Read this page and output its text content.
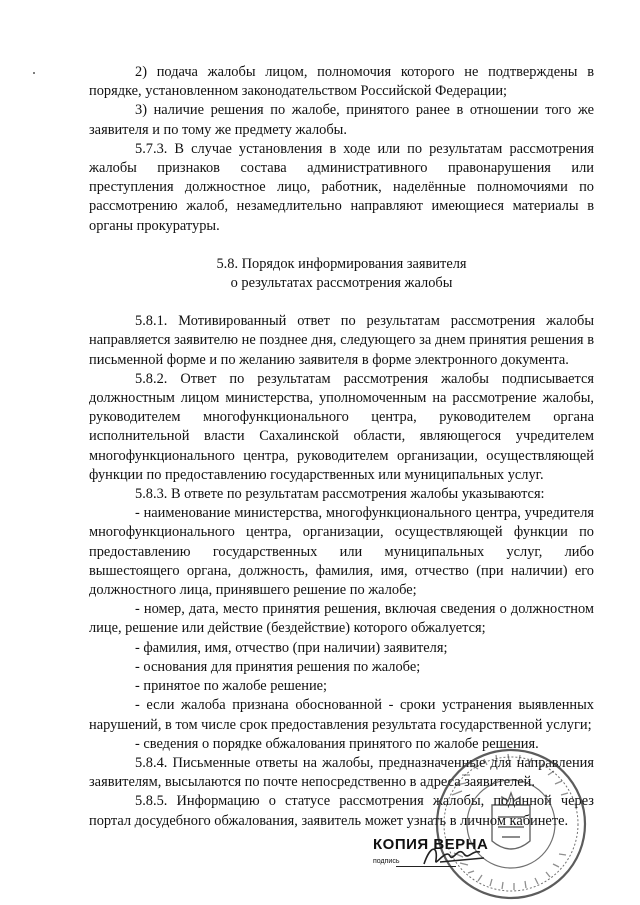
2) подача жалобы лицом, полномочия которого не подтверждены в порядке, установленном законодательством Российской Федерации;

3) наличие решения по жалобе, принятого ранее в отношении того же заявителя и по тому же предмету жалобы.

5.7.3. В случае установления в ходе или по результатам рассмотрения жалобы признаков состава административного правонарушения или преступления должностное лицо, работник, наделённые полномочиями по рассмотрению жалоб, незамедлительно направляют имеющиеся материалы в органы прокуратуры.

5.8. Порядок информирования заявителя

о результатах рассмотрения жалобы

5.8.1. Мотивированный ответ по результатам рассмотрения жалобы направляется заявителю не позднее дня, следующего за днем принятия решения в письменной форме и по желанию заявителя в форме электронного документа.

5.8.2. Ответ по результатам рассмотрения жалобы подписывается должностным лицом министерства, уполномоченным на рассмотрение жалобы, руководителем многофункционального центра, руководителем органа исполнительной власти Сахалинской области, являющегося учредителем многофункционального центра, руководителем организации, осуществляющей функции по предоставлению государственных или муниципальных услуг.

5.8.3. В ответе по результатам рассмотрения жалобы указываются:

- наименование министерства, многофункционального центра, учредителя многофункционального центра, организации, осуществляющей функции по предоставлению государственных или муниципальных услуг, либо вышестоящего органа, должность, фамилия, имя, отчество (при наличии) его должностного лица, принявшего решение по жалобе;

- номер, дата, место принятия решения, включая сведения о должностном лице, решение или действие (бездействие) которого обжалуется;

- фамилия, имя, отчество (при наличии) заявителя;

- основания для принятия решения по жалобе;

- принятое по жалобе решение;

- если жалоба признана обоснованной - сроки устранения выявленных нарушений, в том числе срок предоставления результата государственной услуги;

- сведения о порядке обжалования принятого по жалобе решения.

5.8.4. Письменные ответы на жалобы, предназначенные для направления заявителям, высылаются по почте непосредственно в адреса заявителей.

5.8.5. Информацию о статусе рассмотрения жалобы, поданной через портал досудебного обжалования, заявитель может узнать в личном кабинете.

КОПИЯ ВЕРНА
подпись
